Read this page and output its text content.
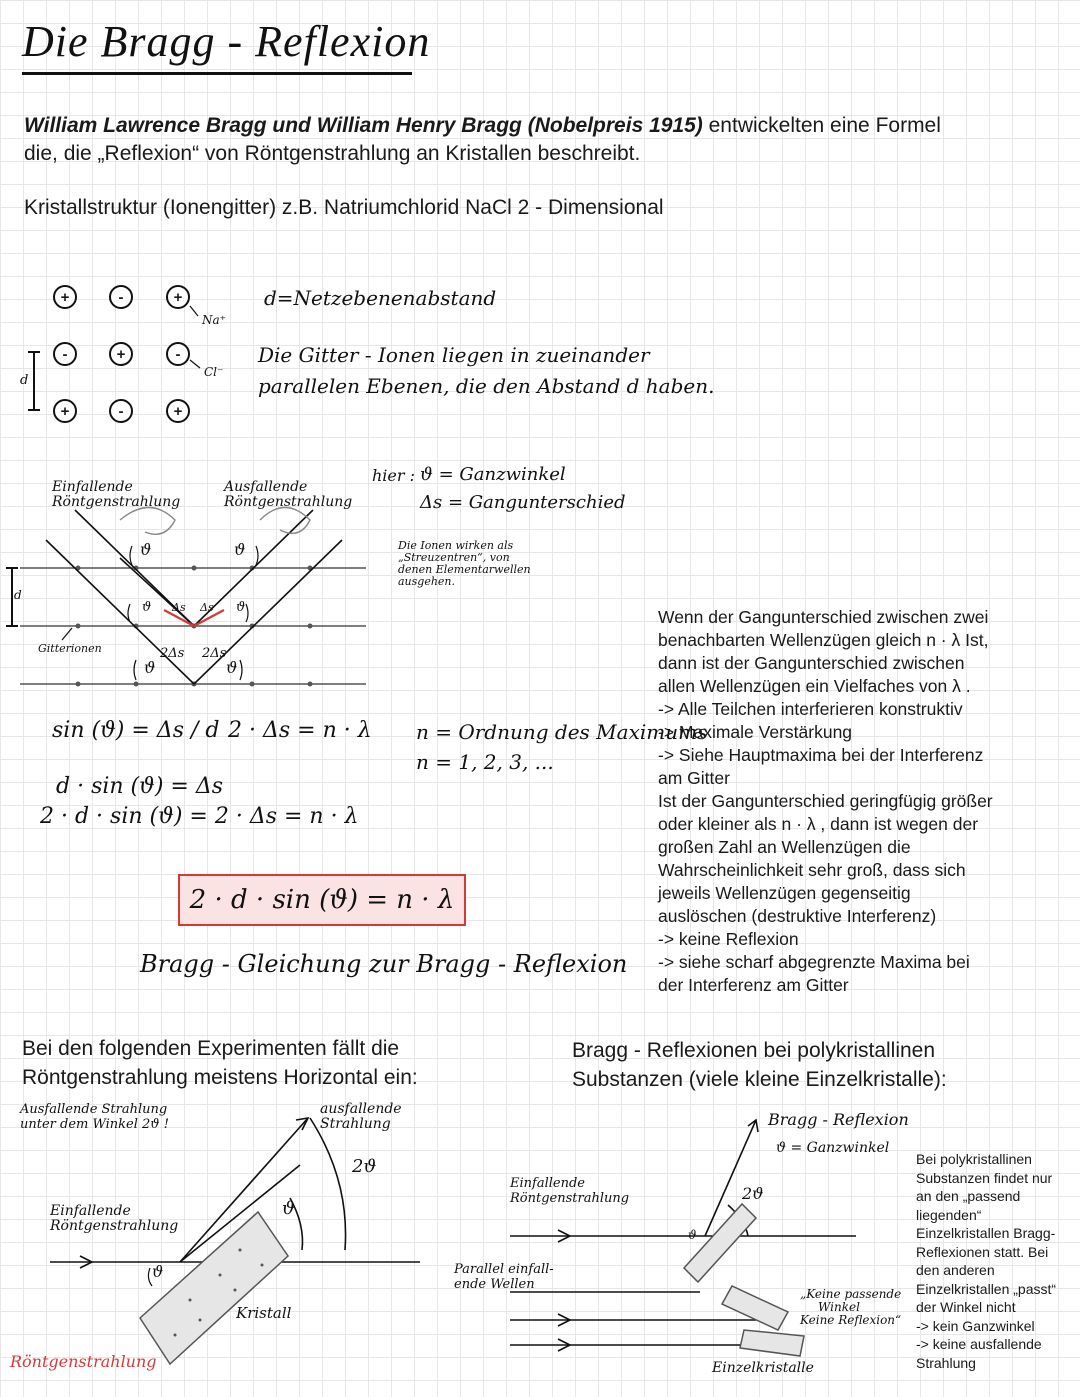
Die Bragg - Reflexion
William Lawrence Bragg und William Henry Bragg (Nobelpreis 1915) entwickelten eine Formel
die, die „Reflexion“ von Röntgenstrahlung an Kristallen beschreibt.
Kristallstruktur (Ionengitter) z.B. Natriumchlorid NaCl 2 - Dimensional
+	-	+
-	+	-
+	-	+
Na⁺
Cl⁻
d
d=Netzebenenabstand
Die Gitter - Ionen liegen in zueinander
parallelen Ebenen, die den Abstand d haben.
Einfallende Röntgenstrahlung
Ausfallende Röntgenstrahlung
Gitterionen
d
ϑ	ϑ
ϑ	ϑ
Δs Δs
2Δs 2Δs
ϑ	ϑ
hier : ϑ = Ganzwinkel
Δs = Gangunterschied
Die Ionen wirken als
„Streuzentren“, von
denen Elementarwellen
ausgehen.
sin (ϑ) = Δs / d 2 · Δs = n · λ n = Ordnung des Maximums
n = 1, 2, 3, ...
d · sin (ϑ) = Δs
2 · d · sin (ϑ) = 2 · Δs = n · λ
2 · d · sin (ϑ) = n · λ
Bragg - Gleichung zur Bragg - Reflexion
Wenn der Gangunterschied zwischen zwei
benachbarten Wellenzügen gleich n · λ Ist,
dann ist der Gangunterschied zwischen
allen Wellenzügen ein Vielfaches von λ .
-> Alle Teilchen interferieren konstruktiv
-> Maximale Verstärkung
-> Siehe Hauptmaxima bei der Interferenz
am Gitter
Ist der Gangunterschied geringfügig größer
oder kleiner als n · λ , dann ist wegen der
großen Zahl an Wellenzügen die
Wahrscheinlichkeit sehr groß, dass sich
jeweils Wellenzügen gegenseitig
auslöschen (destruktive Interferenz)
-> keine Reflexion
-> siehe scharf abgegrenzte Maxima bei
der Interferenz am Gitter
Bei den folgenden Experimenten fällt die
Röntgenstrahlung meistens Horizontal ein:
Ausfallende Strahlung
unter dem Winkel 2ϑ !
ausfallende Strahlung
2ϑ
ϑ
ϑ
Einfallende Röntgenstrahlung
Kristall
Röntgenstrahlung
Bragg - Reflexionen bei polykristallinen
Substanzen (viele kleine Einzelkristalle):
Bragg - Reflexion
ϑ = Ganzwinkel
2ϑ
ϑ
Einfallende Röntgenstrahlung
Parallel einfall- ende Wellen
„Keine passende
Winkel
Keine Reflexion“
Einzelkristalle
Bei polykristallinen
Substanzen findet nur
an den „passend
liegenden“
Einzelkristallen Bragg-
Reflexionen statt. Bei
den anderen
Einzelkristallen „passt“
der Winkel nicht
-> kein Ganzwinkel
-> keine ausfallende
Strahlung
